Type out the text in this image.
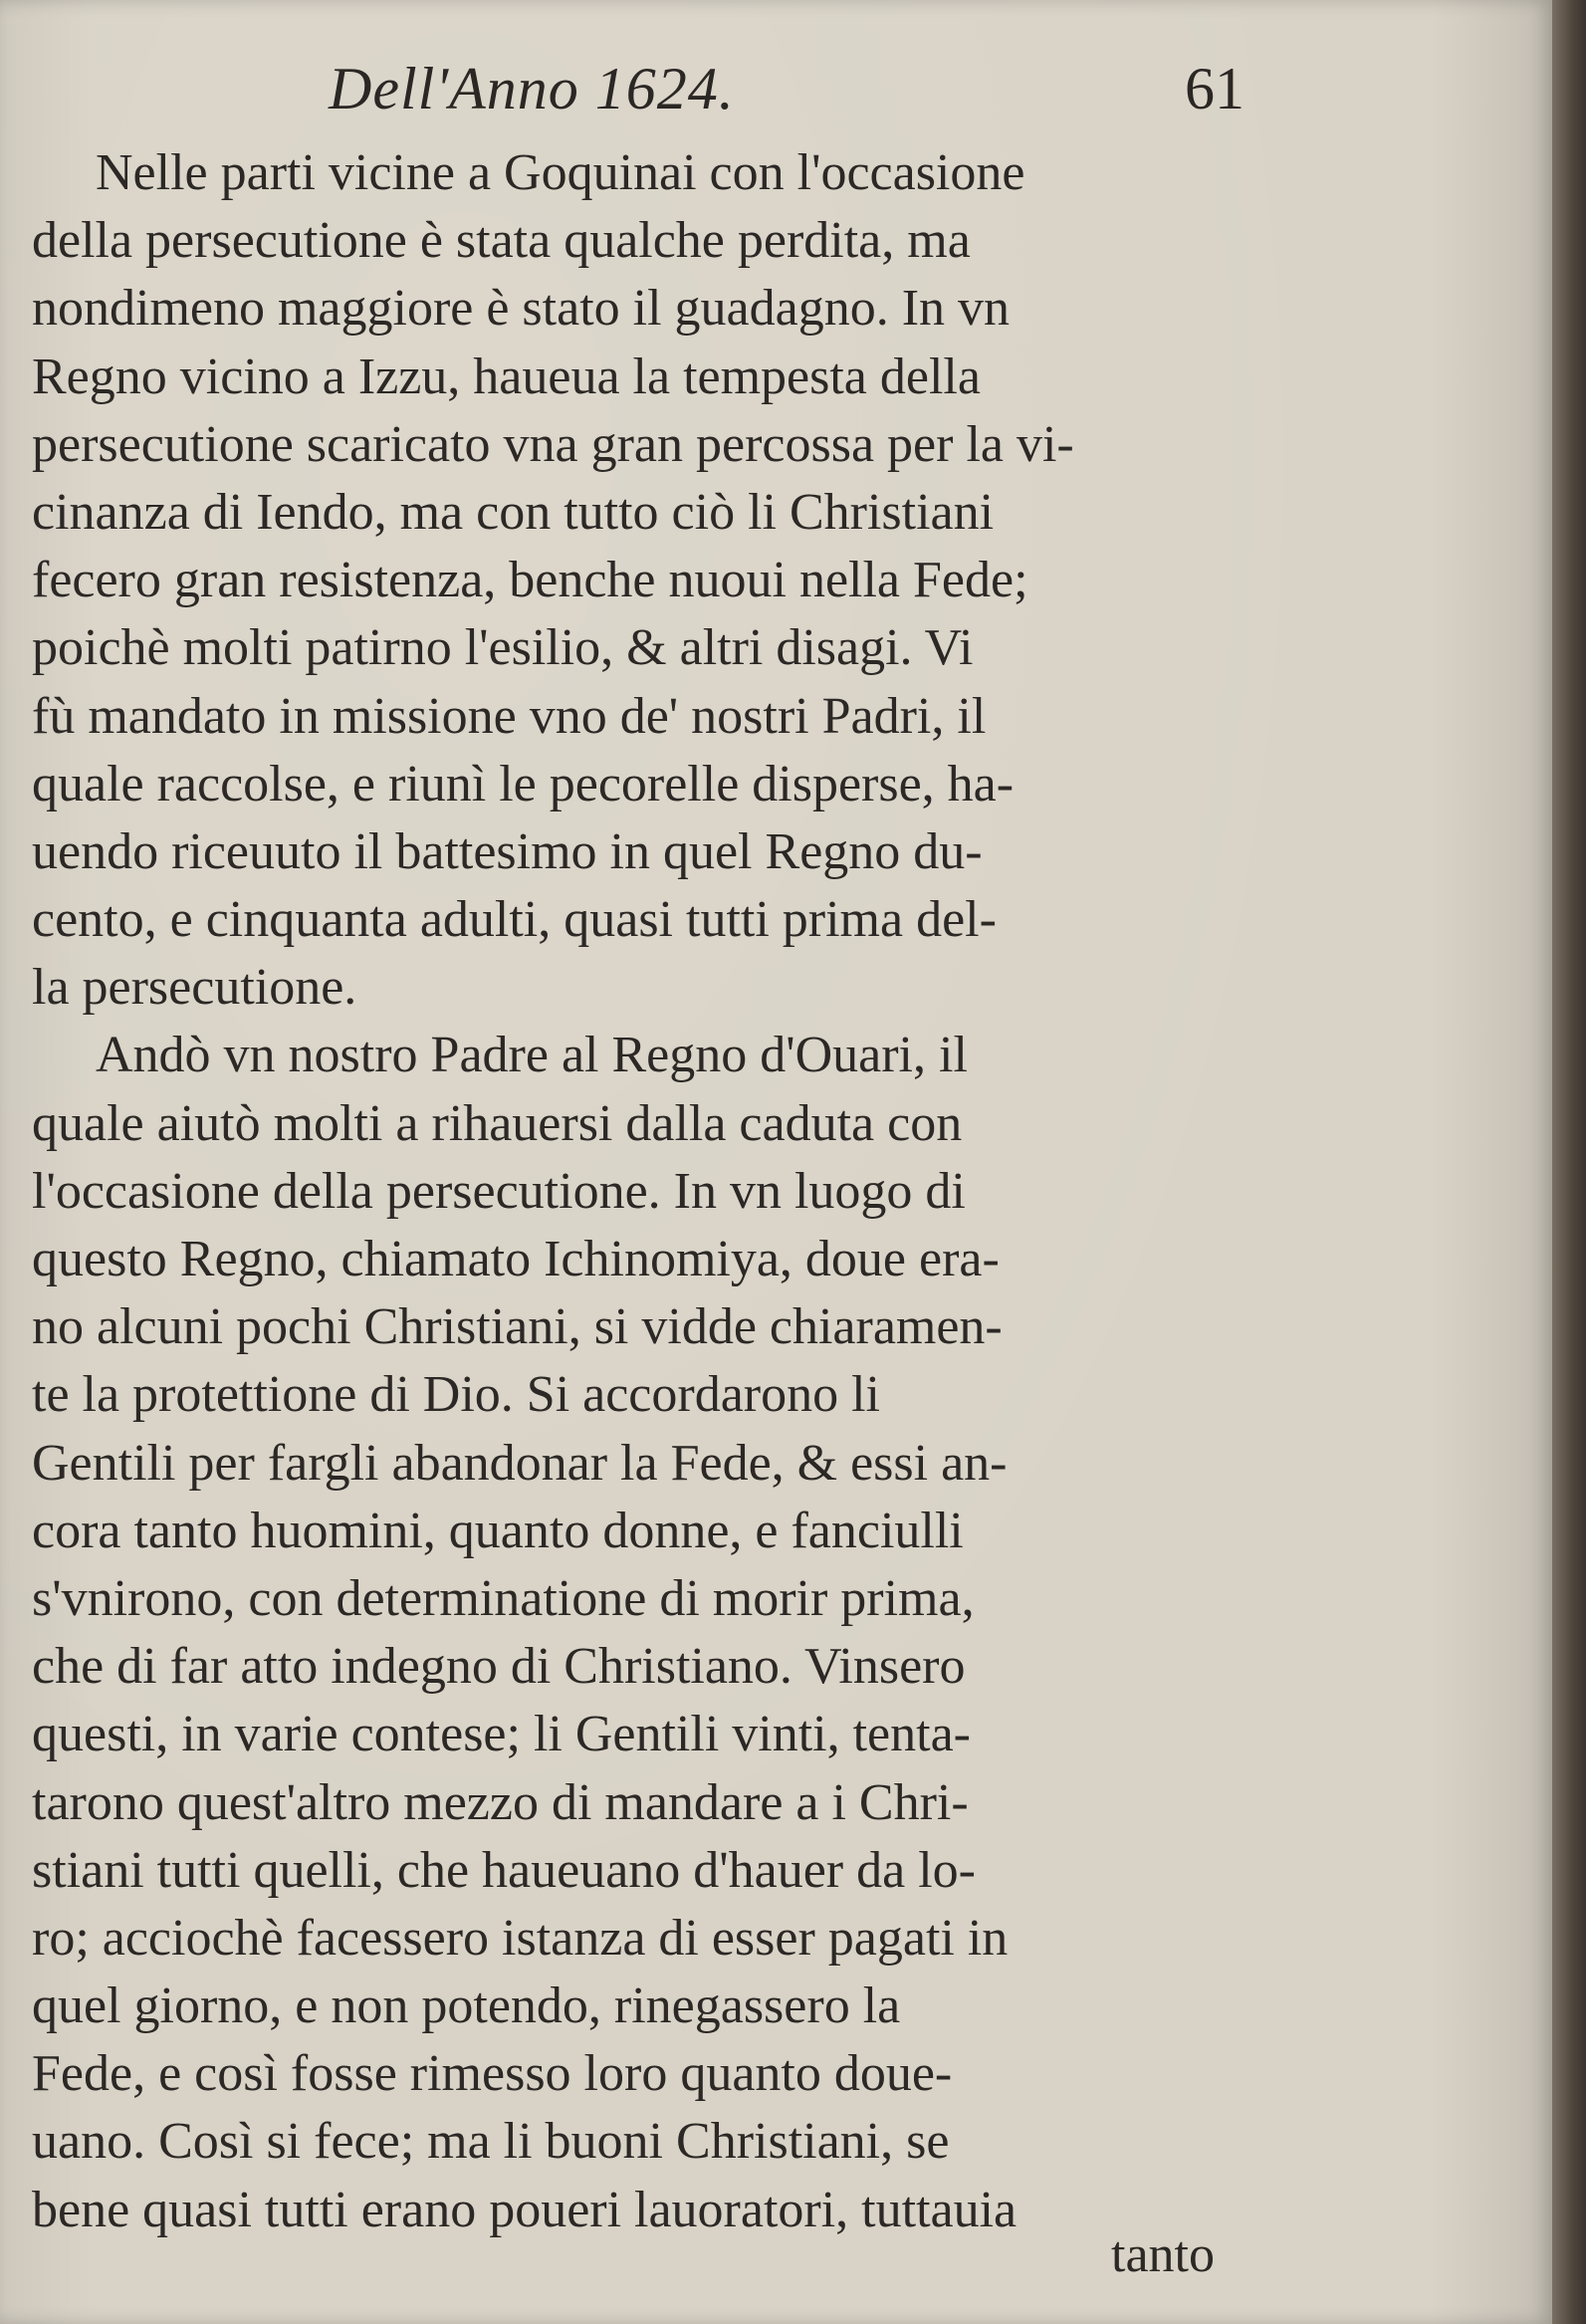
Dell'Anno 1624.	61
Nelle parti vicine a Goquinai con l'occasione
della persecutione è stata qualche perdita, ma
nondimeno maggiore è stato il guadagno. In vn
Regno vicino a Izzu, haueua la tempesta della
persecutione scaricato vna gran percossa per la vi-
cinanza di Iendo, ma con tutto ciò li Christiani
fecero gran resistenza, benche nuoui nella Fede;
poichè molti patirno l'esilio, & altri disagi. Vi
fù mandato in missione vno de' nostri Padri, il
quale raccolse, e riunì le pecorelle disperse, ha-
uendo riceuuto il battesimo in quel Regno du-
cento, e cinquanta adulti, quasi tutti prima del-
la persecutione.
Andò vn nostro Padre al Regno d'Ouari, il
quale aiutò molti a rihauersi dalla caduta con
l'occasione della persecutione. In vn luogo di
questo Regno, chiamato Ichinomiya, doue era-
no alcuni pochi Christiani, si vidde chiaramen-
te la protettione di Dio. Si accordarono li
Gentili per fargli abandonar la Fede, & essi an-
cora tanto huomini, quanto donne, e fanciulli
s'vnirono, con determinatione di morir prima,
che di far atto indegno di Christiano. Vinsero
questi, in varie contese; li Gentili vinti, tenta-
tarono quest'altro mezzo di mandare a i Chri-
stiani tutti quelli, che haueuano d'hauer da lo-
ro; acciochè facessero istanza di esser pagati in
quel giorno, e non potendo, rinegassero la
Fede, e così fosse rimesso loro quanto doue-
uano. Così si fece; ma li buoni Christiani, se
bene quasi tutti erano poueri lauoratori, tuttauia
tanto
